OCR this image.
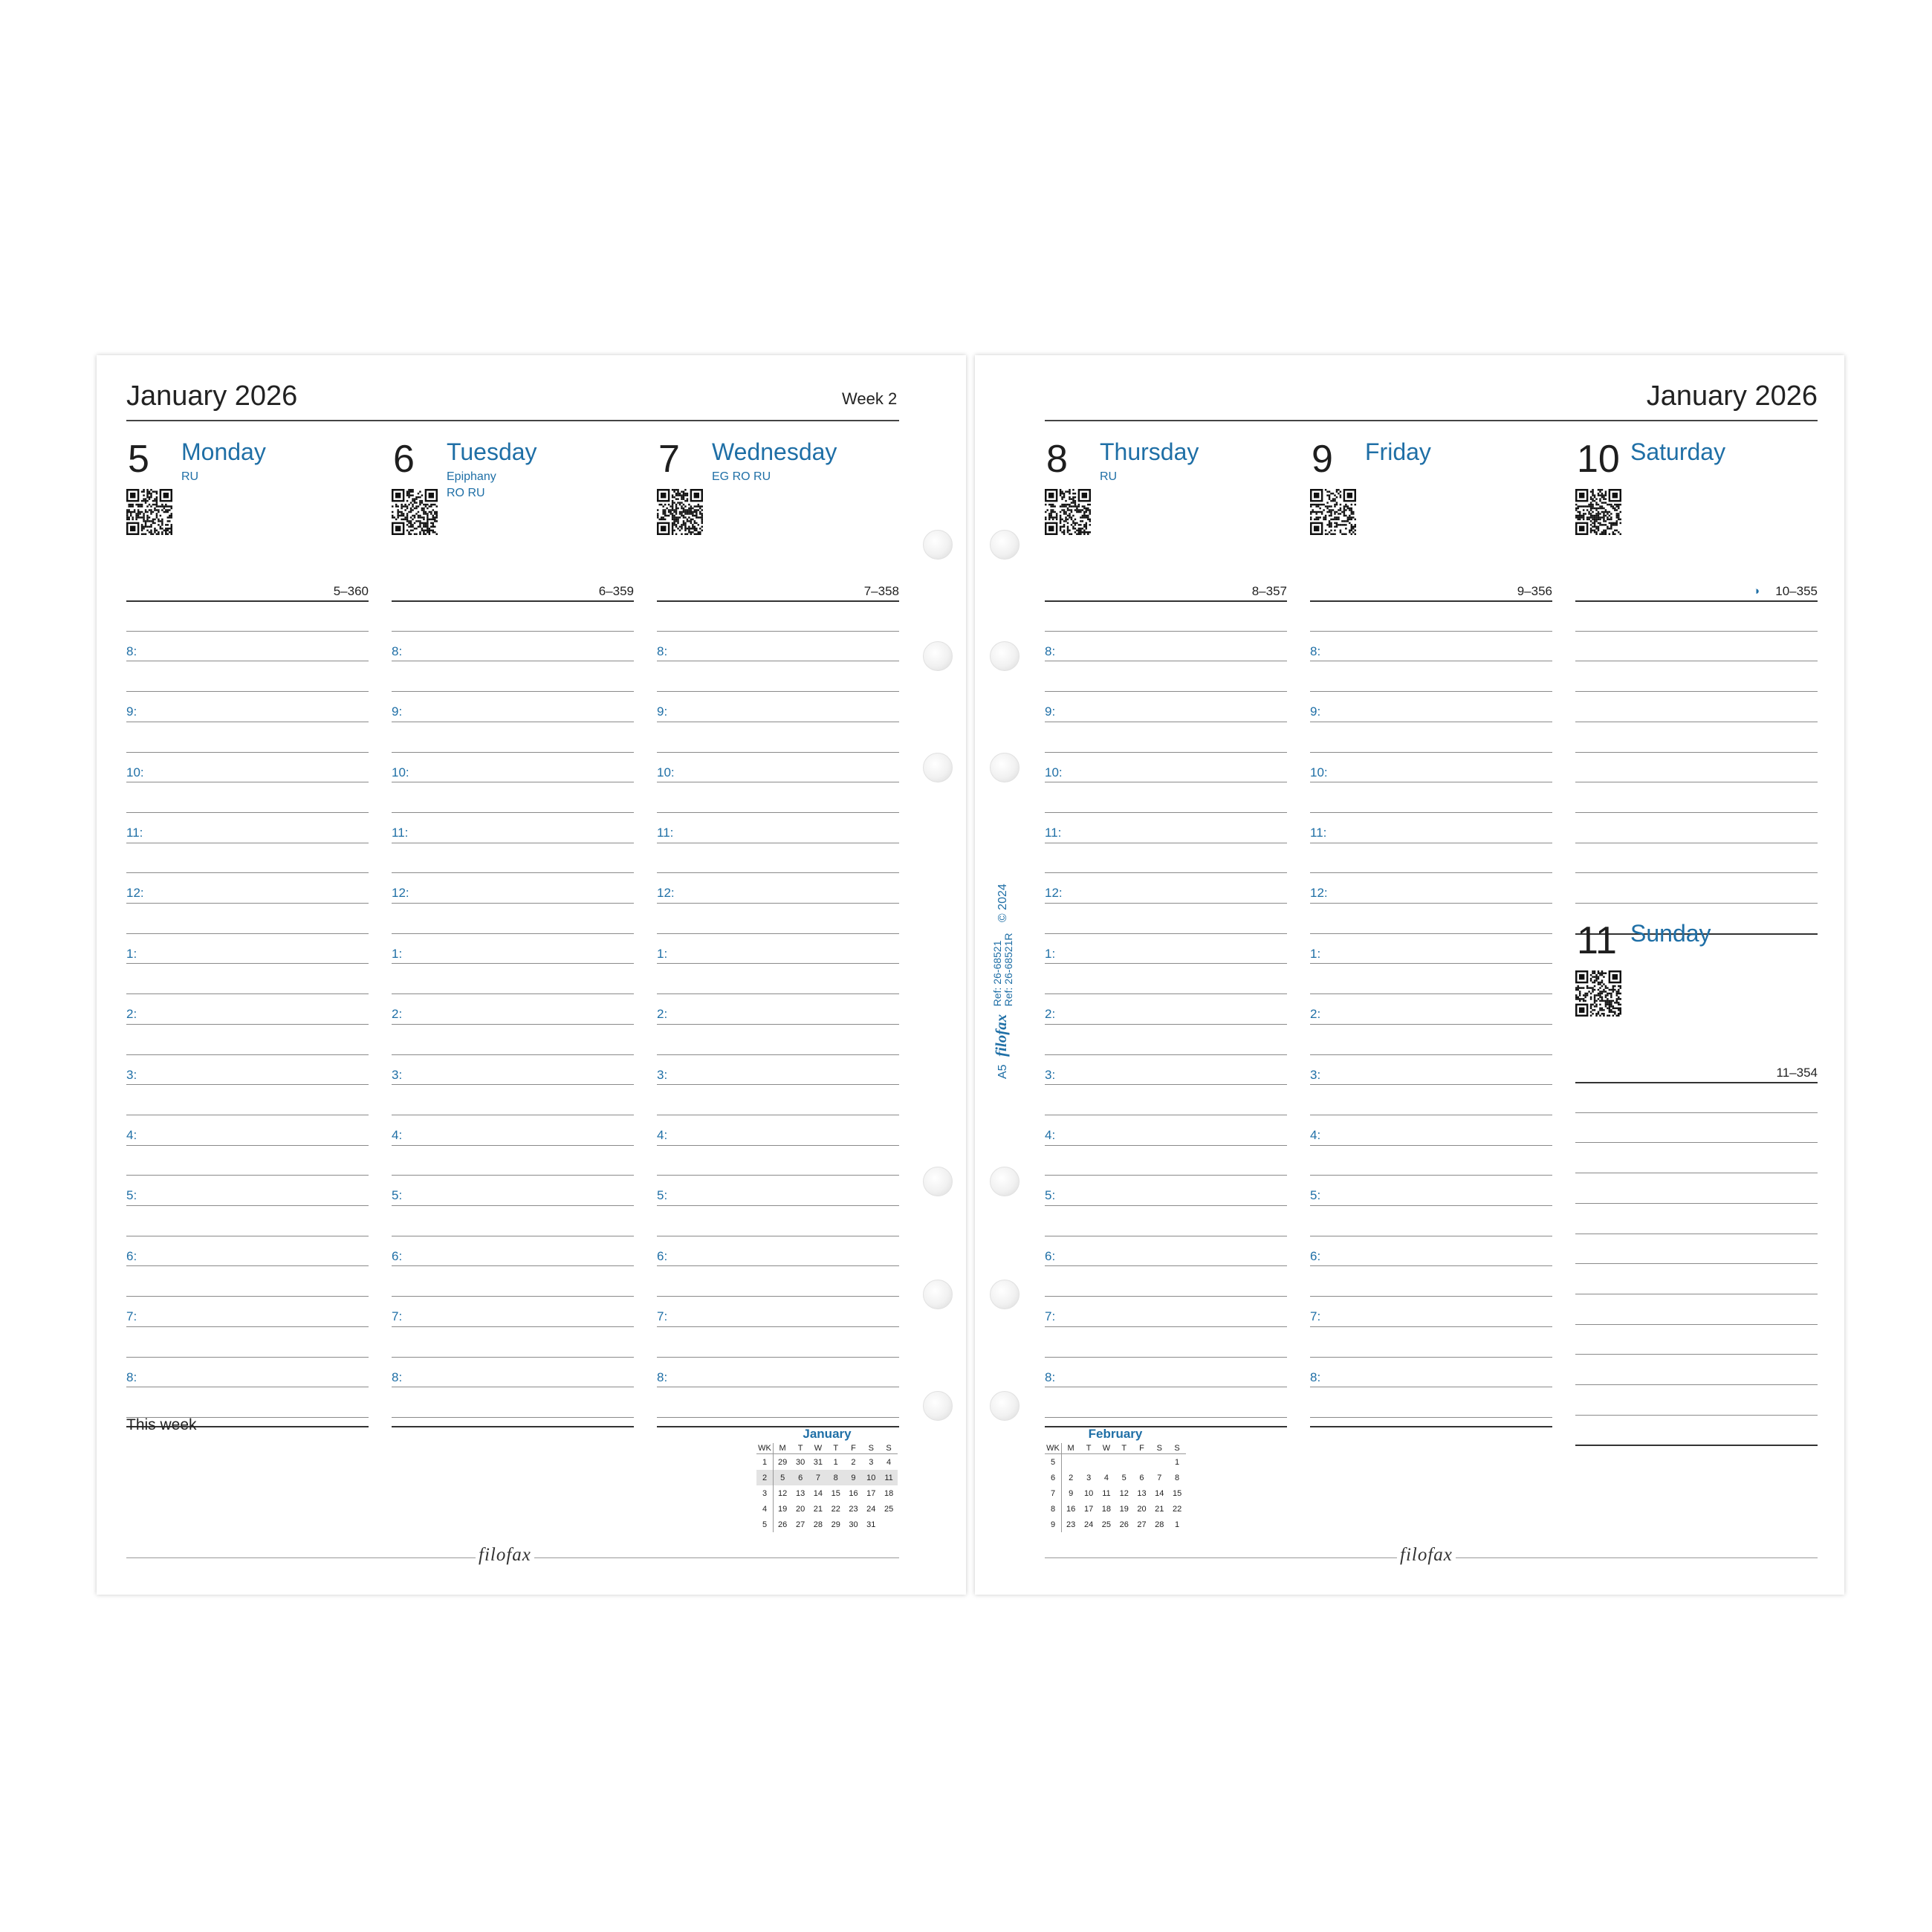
January 2026	Week 2
5 Monday
RU
5–360
8:
9:
10:
11:
12:
1:
2:
3:
4:
5:
6:
7:
8:
6 Tuesday
Epiphany
RO RU
6–359
8:
9:
10:
11:
12:
1:
2:
3:
4:
5:
6:
7:
8:
7 Wednesday
EG RO RU
7–358
8:
9:
10:
11:
12:
1:
2:
3:
4:
5:
6:
7:
8:
This week
January
WK	M	T	W	T	F	S	S
1	29	30	31	1	2	3	4
2	5	6	7	8	9	10	11
3	12	13	14	15	16	17	18
4	19	20	21	22	23	24	25
5	26	27	28	29	30	31	
filofax
January 2026
8 Thursday
RU
8–357
8:
9:
10:
11:
12:
1:
2:
3:
4:
5:
6:
7:
8:
9 Friday
9–356
8:
9:
10:
11:
12:
1:
2:
3:
4:
5:
6:
7:
8:
10 Saturday
10–355
◑
11 Sunday
11–354
February
WK	M	T	W	T	F	S	S
5							1
6	2	3	4	5	6	7	8
7	9	10	11	12	13	14	15
8	16	17	18	19	20	21	22
9	23	24	25	26	27	28	1
filofax
A5 filofax Ref: 26-68521
Ref: 26-68521R © 2024
